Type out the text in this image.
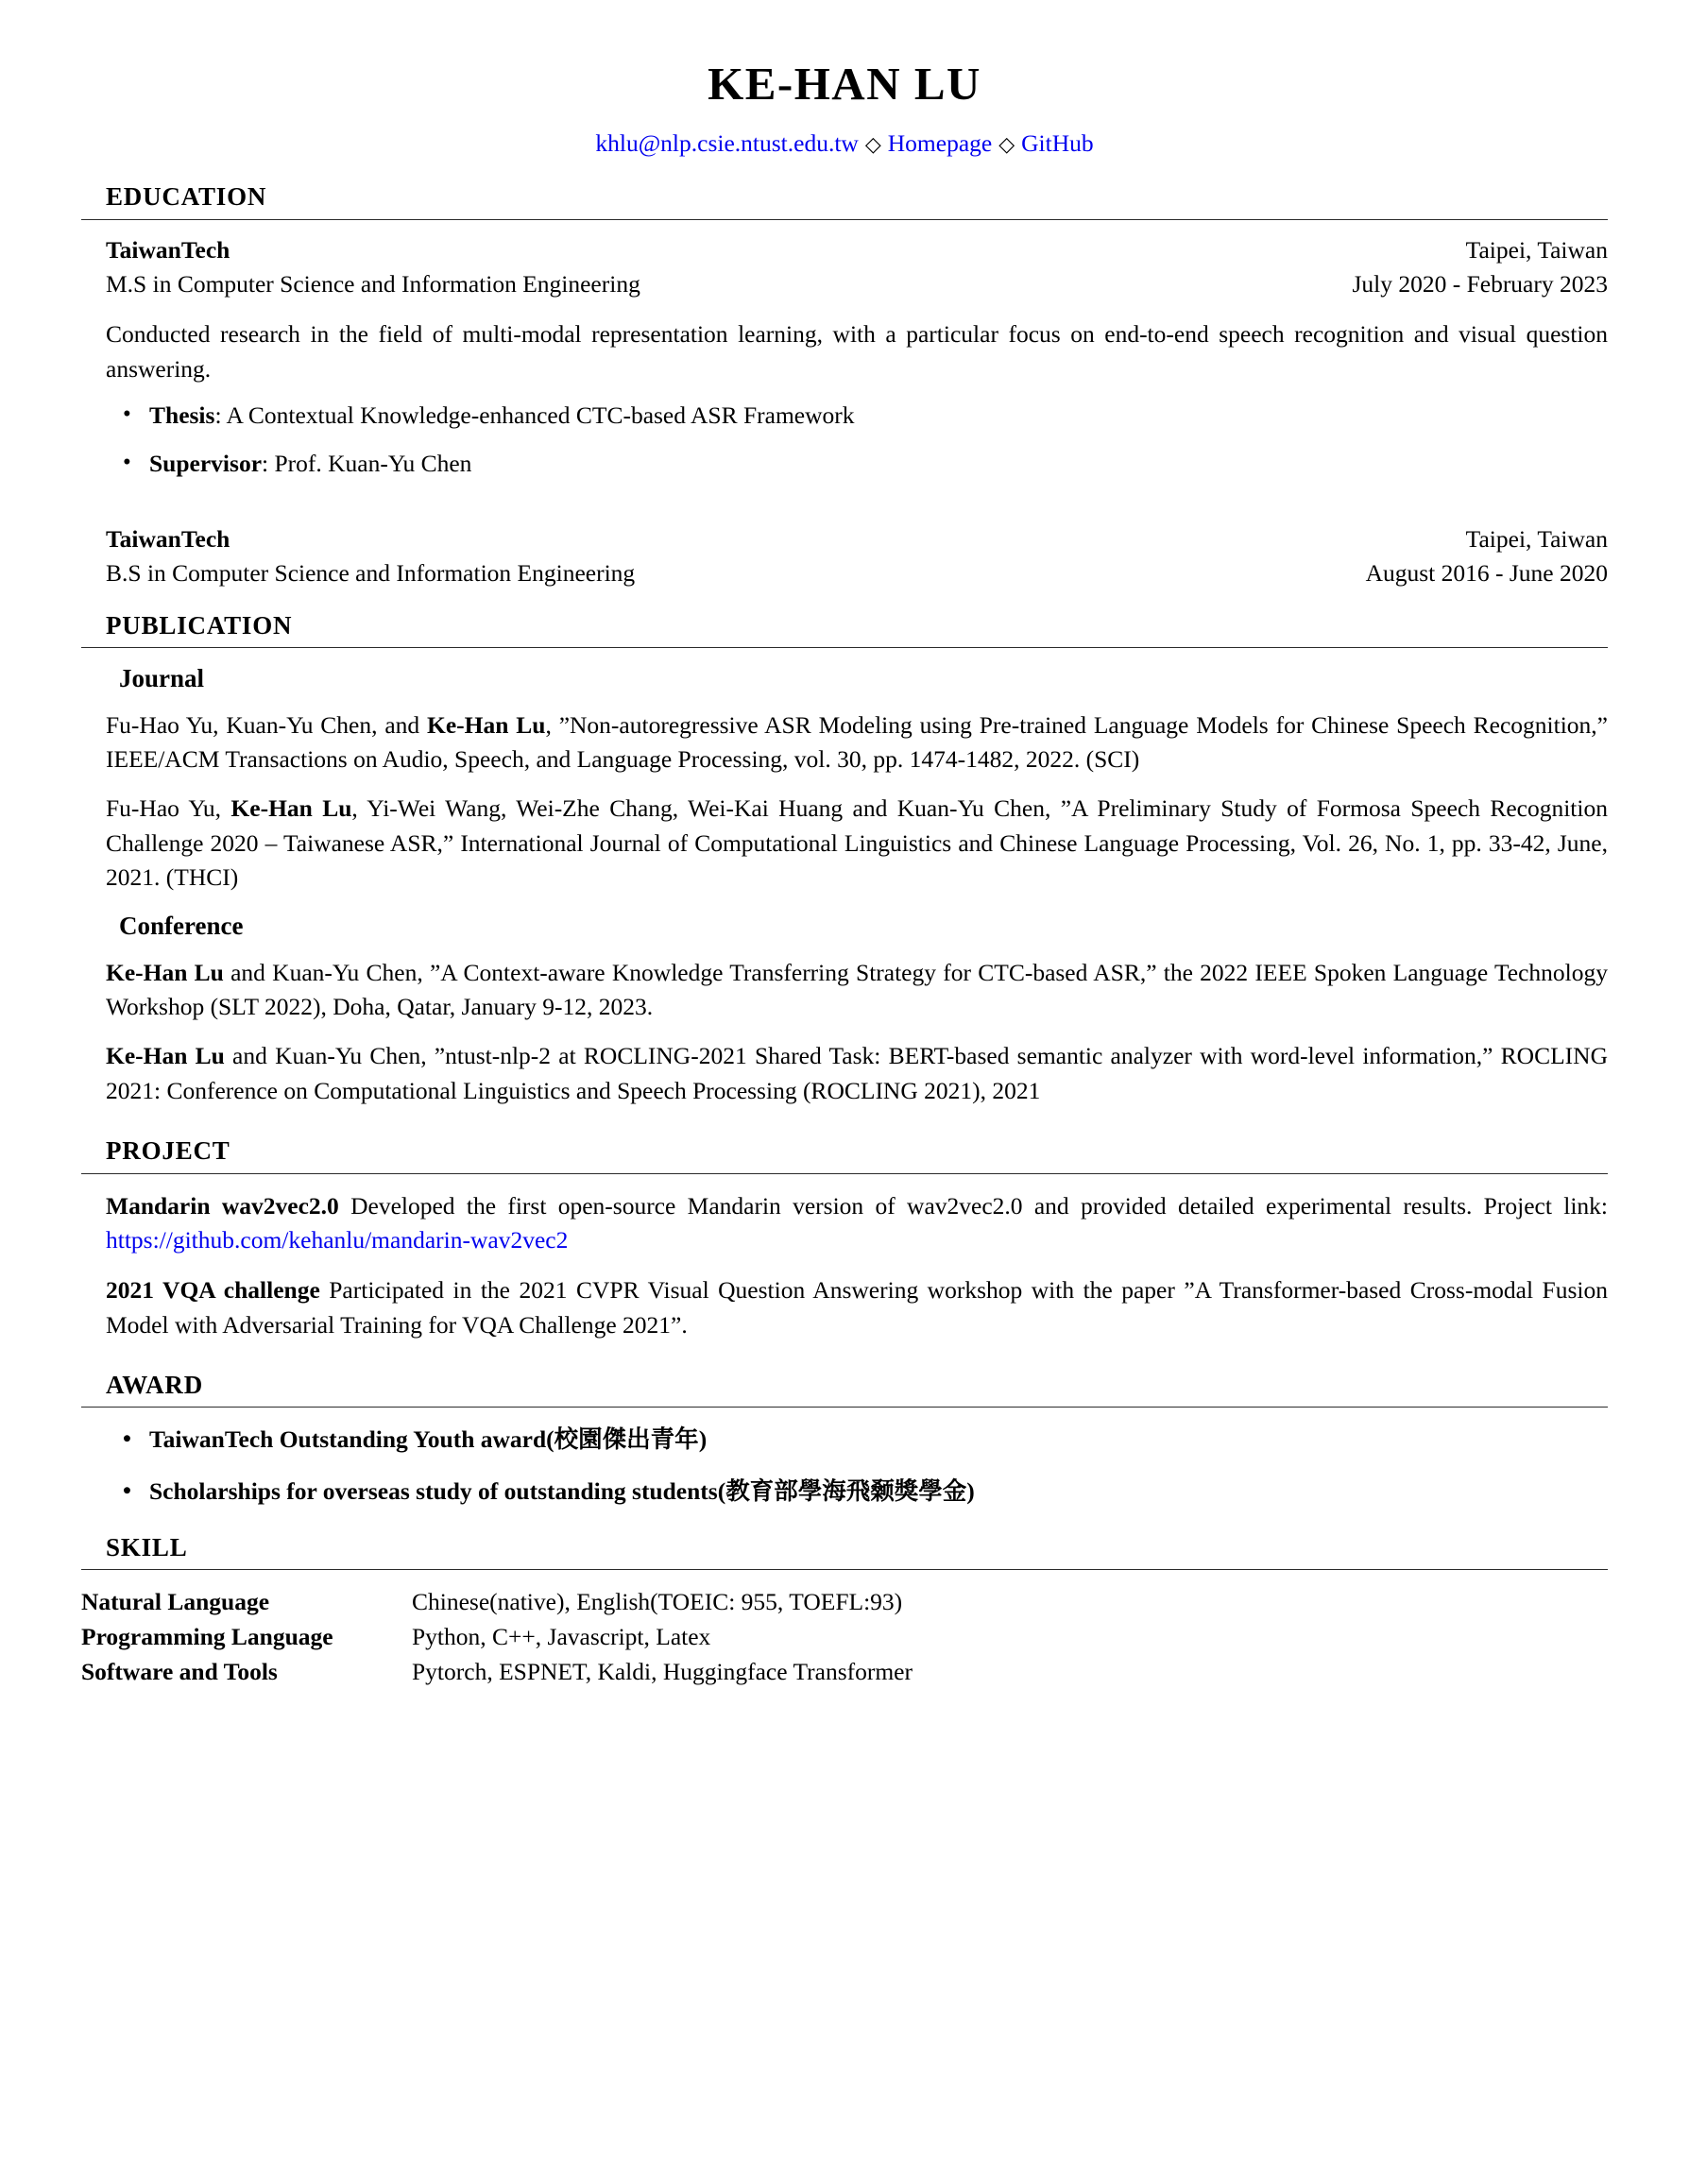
KE-HAN LU
khlu@nlp.csie.ntust.edu.tw ◇ Homepage ◇ GitHub
EDUCATION
TaiwanTech	Taipei, Taiwan
M.S in Computer Science and Information Engineering	July 2020 - February 2023
Conducted research in the field of multi-modal representation learning, with a particular focus on end-to-end speech recognition and visual question answering.
• Thesis: A Contextual Knowledge-enhanced CTC-based ASR Framework
• Supervisor: Prof. Kuan-Yu Chen
TaiwanTech	Taipei, Taiwan
B.S in Computer Science and Information Engineering	August 2016 - June 2020
PUBLICATION
Journal
Fu-Hao Yu, Kuan-Yu Chen, and Ke-Han Lu, ”Non-autoregressive ASR Modeling using Pre-trained Language Models for Chinese Speech Recognition,” IEEE/ACM Transactions on Audio, Speech, and Language Processing, vol. 30, pp. 1474-1482, 2022. (SCI)
Fu-Hao Yu, Ke-Han Lu, Yi-Wei Wang, Wei-Zhe Chang, Wei-Kai Huang and Kuan-Yu Chen, ”A Preliminary Study of Formosa Speech Recognition Challenge 2020 – Taiwanese ASR,” International Journal of Computational Linguistics and Chinese Language Processing, Vol. 26, No. 1, pp. 33-42, June, 2021. (THCI)
Conference
Ke-Han Lu and Kuan-Yu Chen, ”A Context-aware Knowledge Transferring Strategy for CTC-based ASR,” the 2022 IEEE Spoken Language Technology Workshop (SLT 2022), Doha, Qatar, January 9-12, 2023.
Ke-Han Lu and Kuan-Yu Chen, ”ntust-nlp-2 at ROCLING-2021 Shared Task: BERT-based semantic analyzer with word-level information,” ROCLING 2021: Conference on Computational Linguistics and Speech Processing (ROCLING 2021), 2021
PROJECT
Mandarin wav2vec2.0 Developed the first open-source Mandarin version of wav2vec2.0 and provided detailed experimental results. Project link: https://github.com/kehanlu/mandarin-wav2vec2
2021 VQA challenge Participated in the 2021 CVPR Visual Question Answering workshop with the paper ”A Transformer-based Cross-modal Fusion Model with Adversarial Training for VQA Challenge 2021”.
AWARD
• TaiwanTech Outstanding Youth award(校園傑出青年)
• Scholarships for overseas study of outstanding students(教育部學海飛颡獎學金)
SKILL
Natural Language	Chinese(native), English(TOEIC: 955, TOEFL:93)
Programming Language	Python, C++, Javascript, Latex
Software and Tools	Pytorch, ESPNET, Kaldi, Huggingface Transformer
